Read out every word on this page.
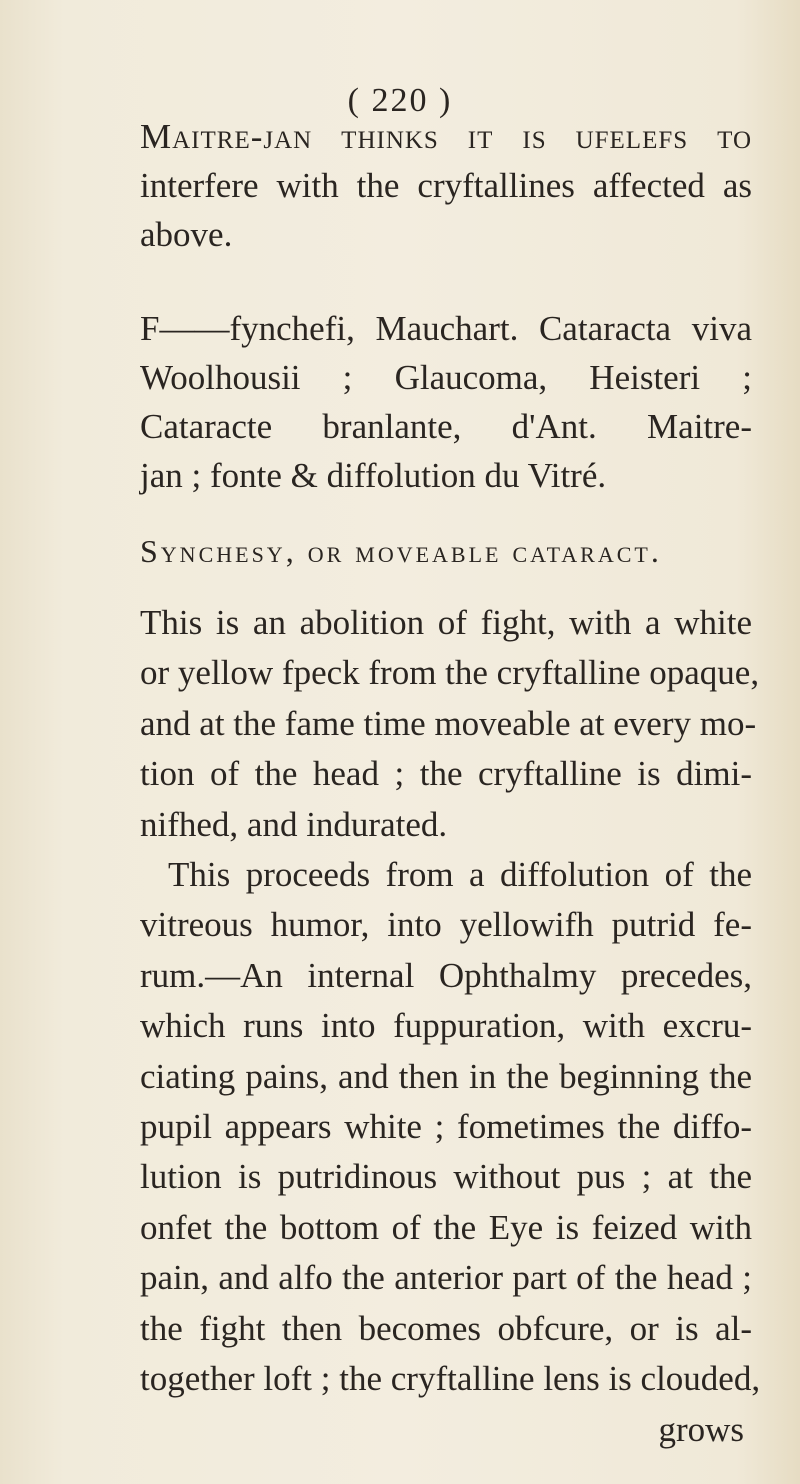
( 220 )
Maitre-jan thinks it is ufelefs to
interfere with the cryftallines affected as
above.
F——fynchefi, Mauchart. Cataracta viva
Woolhousii ; Glaucoma, Heisteri ;
Cataracte branlante, d'Ant. Maitre-
jan ; fonte & diffolution du Vitré.
Synchesy, or moveable cataract.
This is an abolition of fight, with a white
or yellow fpeck from the cryftalline opaque,
and at the fame time moveable at every mo-
tion of the head ; the cryftalline is dimi-
nifhed, and indurated.
This proceeds from a diffolution of the
vitreous humor, into yellowifh putrid fe-
rum.—An internal Ophthalmy precedes,
which runs into fuppuration, with excru-
ciating pains, and then in the beginning the
pupil appears white ; fometimes the diffo-
lution is putridinous without pus ; at the
onfet the bottom of the Eye is feized with
pain, and alfo the anterior part of the head ;
the fight then becomes obfcure, or is al-
together loft ; the cryftalline lens is clouded,
grows
